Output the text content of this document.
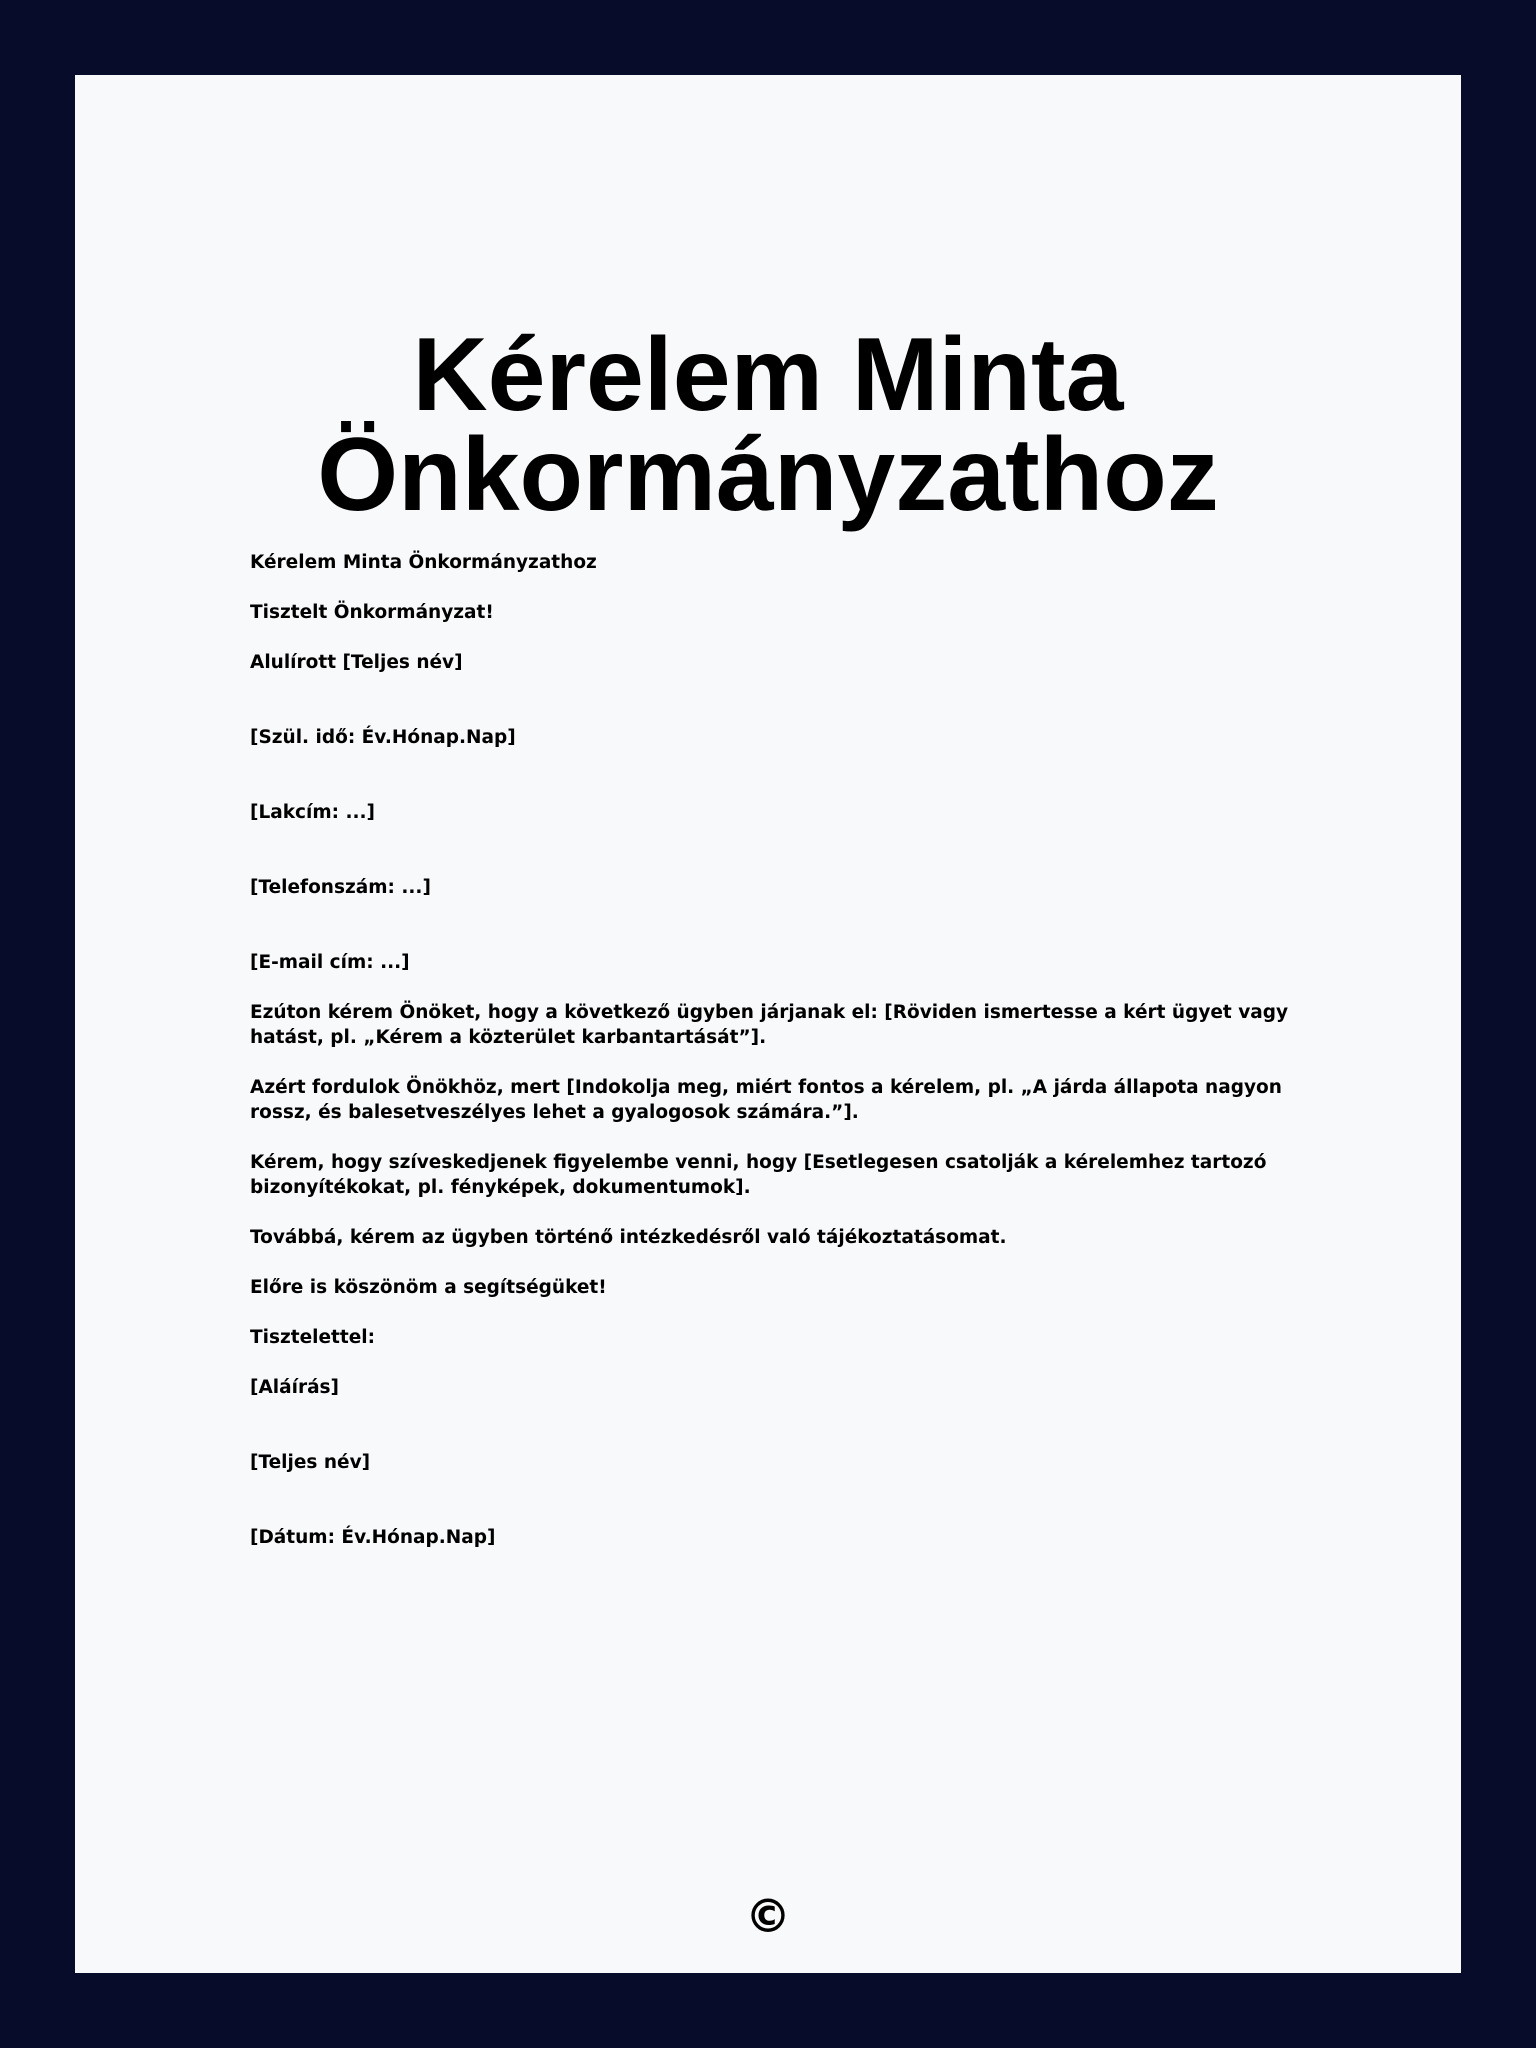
Kérelem Minta
Önkormányzathoz

Kérelem Minta Önkormányzathoz

Tisztelt Önkormányzat!

Alulírott [Teljes név]

[Szül. idő: Év.Hónap.Nap]

[Lakcím: ...]

[Telefonszám: ...]

[E-mail cím: ...]

Ezúton kérem Önöket, hogy a következő ügyben járjanak el: [Röviden ismertesse a kért ügyet vagy hatást, pl. „Kérem a közterület karbantartását”].

Azért fordulok Önökhöz, mert [Indokolja meg, miért fontos a kérelem, pl. „A járda állapota nagyon rossz, és balesetveszélyes lehet a gyalogosok számára.”].

Kérem, hogy szíveskedjenek figyelembe venni, hogy [Esetlegesen csatolják a kérelemhez tartozó bizonyítékokat, pl. fényképek, dokumentumok].

Továbbá, kérem az ügyben történő intézkedésről való tájékoztatásomat.

Előre is köszönöm a segítségüket!

Tisztelettel:

[Aláírás]

[Teljes név]

[Dátum: Év.Hónap.Nap]

©
